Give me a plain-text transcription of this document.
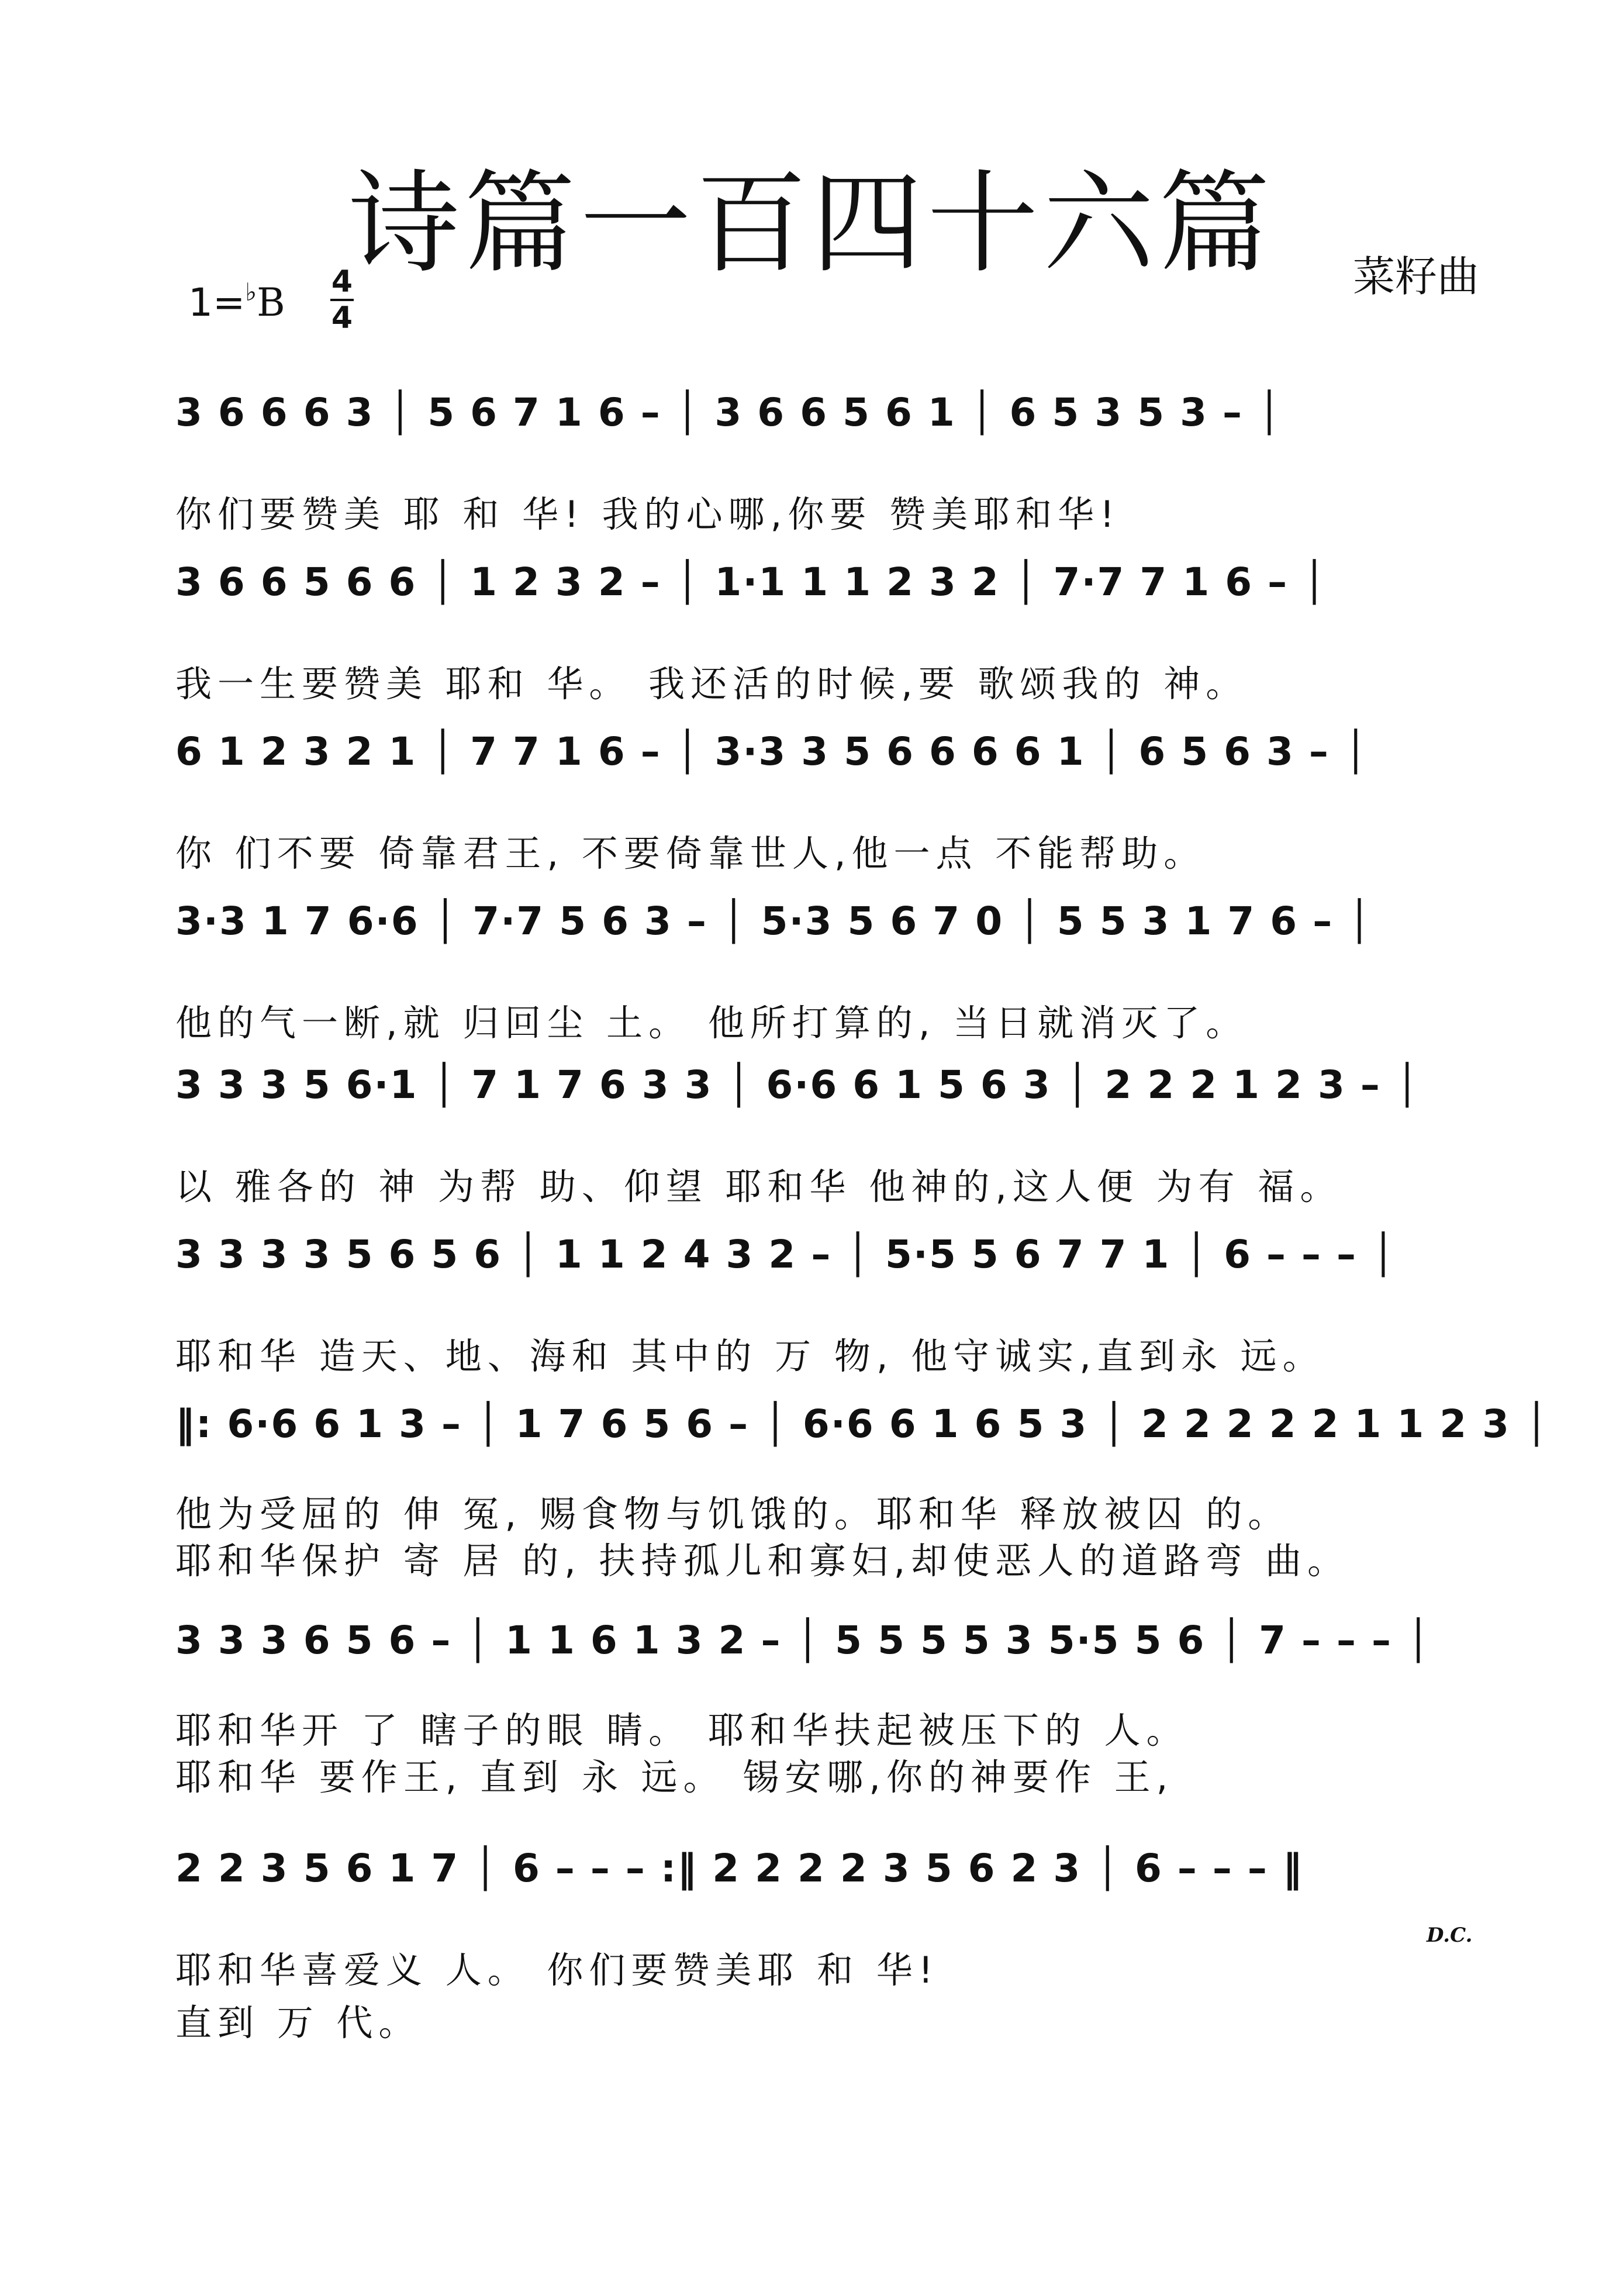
诗篇一百四十六篇	菜籽曲
1=♭B 4
4
3 6 6 6 3 │ 5 6 7 1 6 – │ 3 6 6 5 6 1 │ 6 5 3 5 3 – │
你们要赞美 耶 和 华! 我的心哪,你要 赞美耶和华!
3 6 6 5 6 6 │ 1 2 3 2 – │ 1·1 1 1 2 3 2 │ 7·7 7 1 6 – │
我一生要赞美 耶和 华。 我还活的时候,要 歌颂我的 神。
6 1 2 3 2 1 │ 7 7 1 6 – │ 3·3 3 5 6 6 6 6 1 │ 6 5 6 3 – │
你 们不要 倚靠君王, 不要倚靠世人,他一点 不能帮助。
3·3 1 7 6·6 │ 7·7 5 6 3 – │ 5·3 5 6 7 0 │ 5 5 3 1 7 6 – │
他的气一断,就 归回尘 土。 他所打算的, 当日就消灭了。
3 3 3 5 6·1 │ 7 1 7 6 3 3 │ 6·6 6 1 5 6 3 │ 2 2 2 1 2 3 – │
以 雅各的 神 为帮 助、仰望 耶和华 他神的,这人便 为有 福。
3 3 3 3 5 6 5 6 │ 1 1 2 4 3 2 – │ 5·5 5 6 7 7 1 │ 6 – – – │
耶和华 造天、地、海和 其中的 万 物, 他守诚实,直到永 远。
‖: 6·6 6 1 3 – │ 1 7 6 5 6 – │ 6·6 6 1 6 5 3 │ 2 2 2 2 2 1 1 2 3 │
他为受屈的 伸 冤, 赐食物与饥饿的。耶和华 释放被囚 的。
耶和华保护 寄 居 的, 扶持孤儿和寡妇,却使恶人的道路弯 曲。
3 3 3 6 5 6 – │ 1 1 6 1 3 2 – │ 5 5 5 5 3 5·5 5 6 │ 7 – – – │
耶和华开 了 瞎子的眼 睛。 耶和华扶起被压下的 人。
耶和华 要作王, 直到 永 远。 锡安哪,你的神要作 王,
2 2 3 5 6 1 7 │ 6 – – – :‖ 2 2 2 2 3 5 6 2 3 │ 6 – – – ‖
耶和华喜爱义 人。 你们要赞美耶 和 华!
直到 万 代。
D.C.
